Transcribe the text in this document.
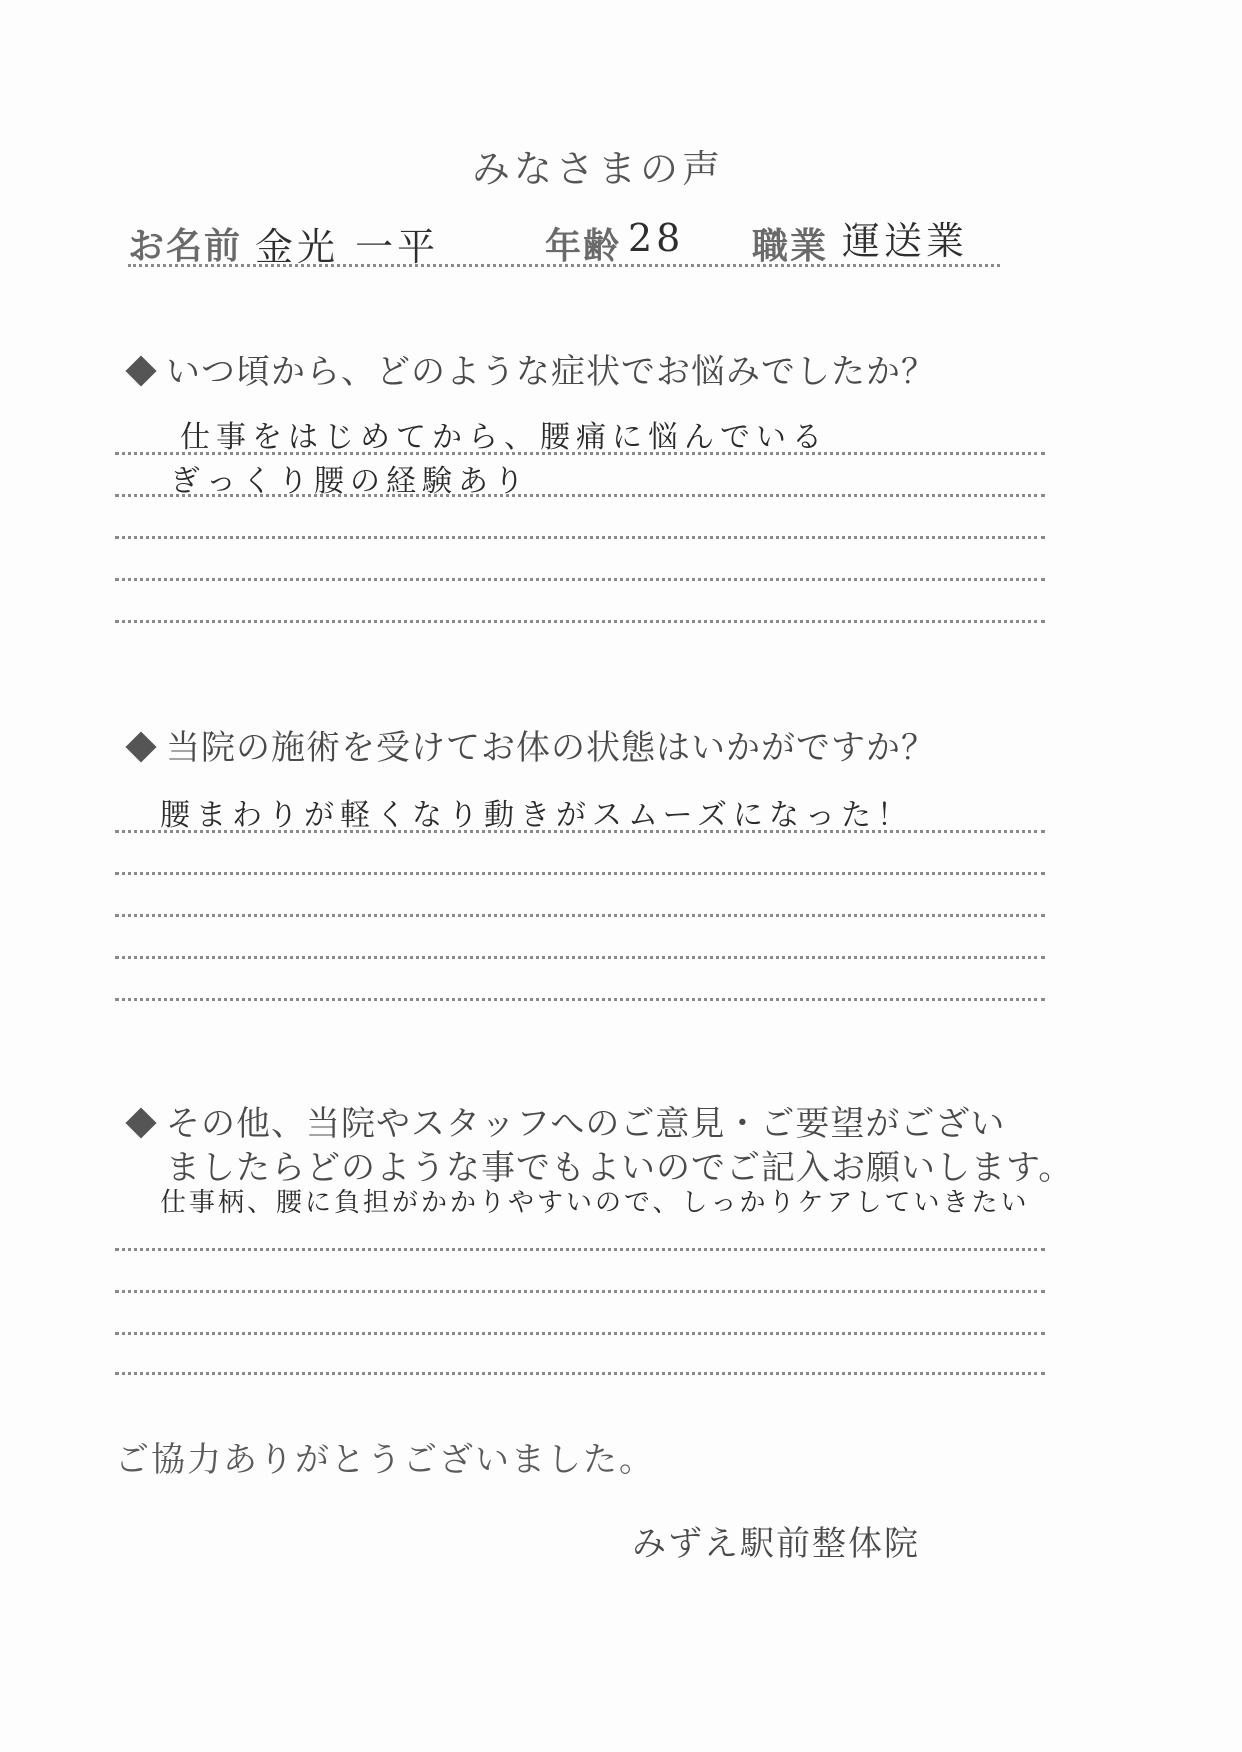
みなさまの声
お名前 金光 一平	年齢 28 職業 運送業
いつ頃から、どのような症状でお悩みでしたか？
仕事をはじめてから、腰痛に悩んでいる
ぎっくり腰の経験あり
当院の施術を受けてお体の状態はいかがですか？
腰まわりが軽くなり動きがスムーズになった！
その他、当院やスタッフへのご意見・ご要望がござい
ましたらどのような事でもよいのでご記入お願いします。
仕事柄、腰に負担がかかりやすいので、しっかりケアしていきたい
ご協力ありがとうございました。
みずえ駅前整体院
